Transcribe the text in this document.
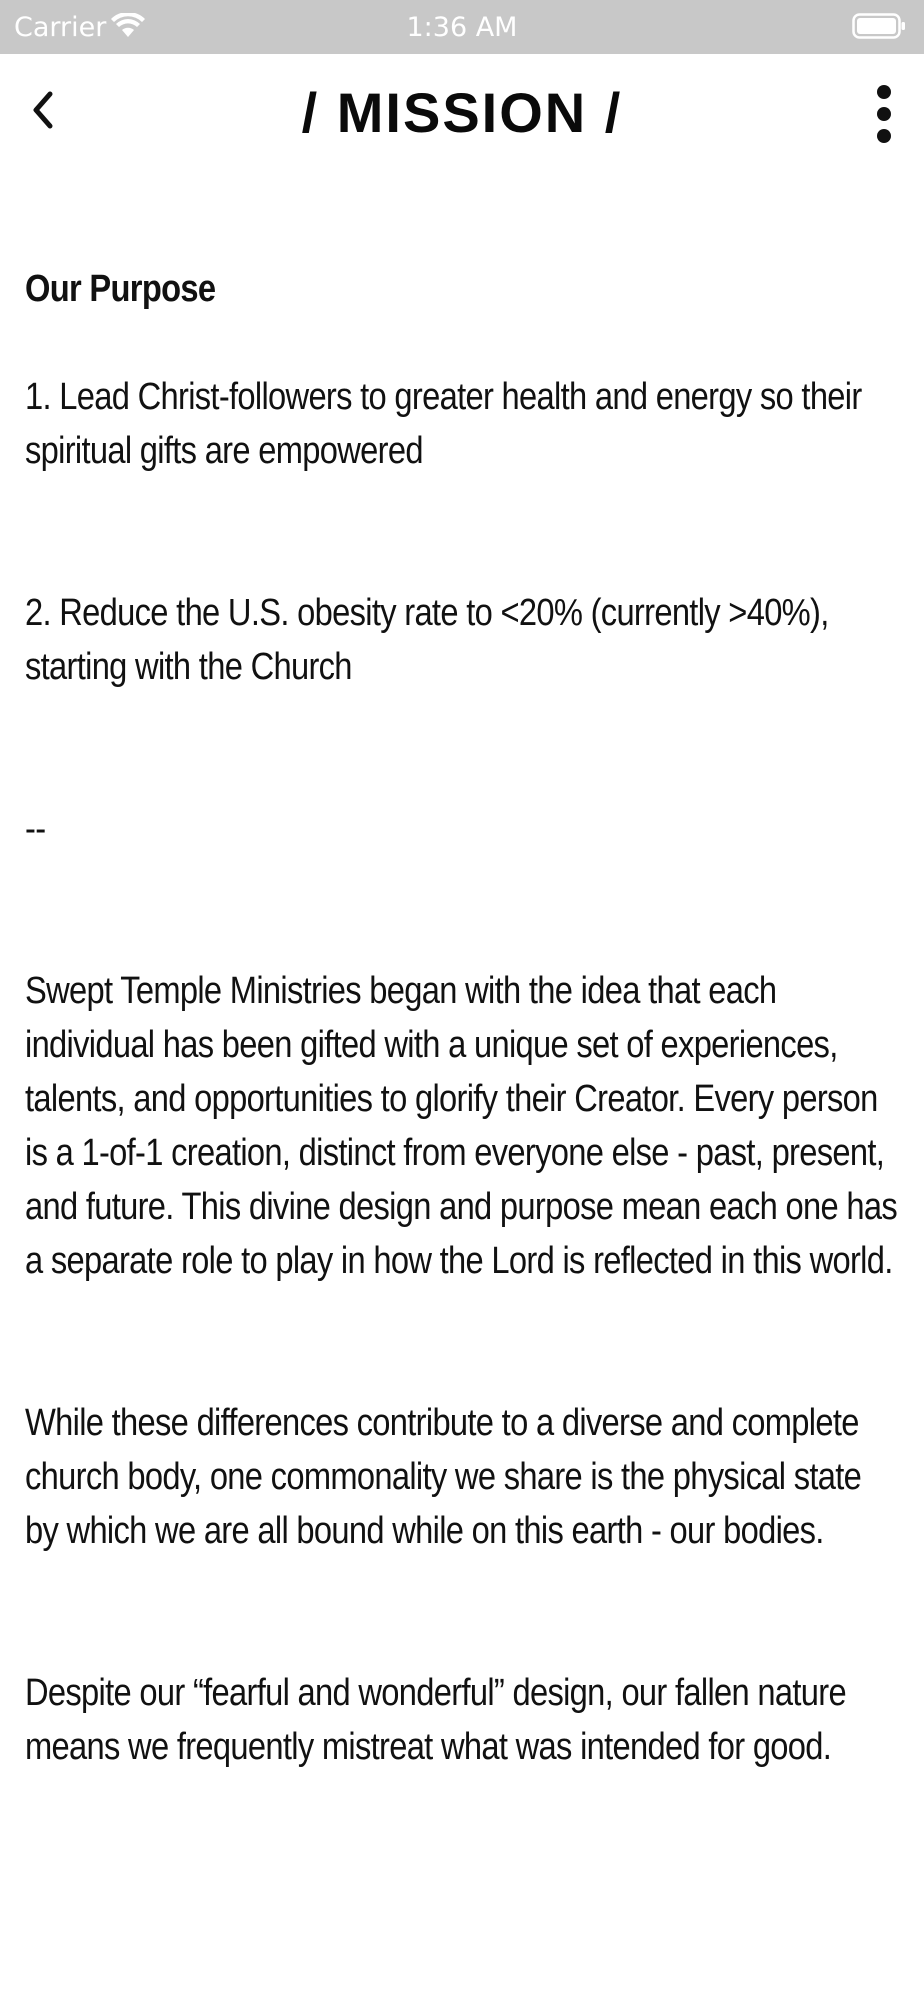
Carrier	1:36 AM
/ MISSION /

Our Purpose

1. Lead Christ-followers to greater health and energy so their spiritual gifts are empowered

2. Reduce the U.S. obesity rate to <20% (currently >40%), starting with the Church

--

Swept Temple Ministries began with the idea that each individual has been gifted with a unique set of experiences, talents, and opportunities to glorify their Creator. Every person is a 1-of-1 creation, distinct from everyone else - past, present, and future. This divine design and purpose mean each one has a separate role to play in how the Lord is reflected in this world.

While these differences contribute to a diverse and complete church body, one commonality we share is the physical state by which we are all bound while on this earth - our bodies.

Despite our “fearful and wonderful” design, our fallen nature means we frequently mistreat what was intended for good.
